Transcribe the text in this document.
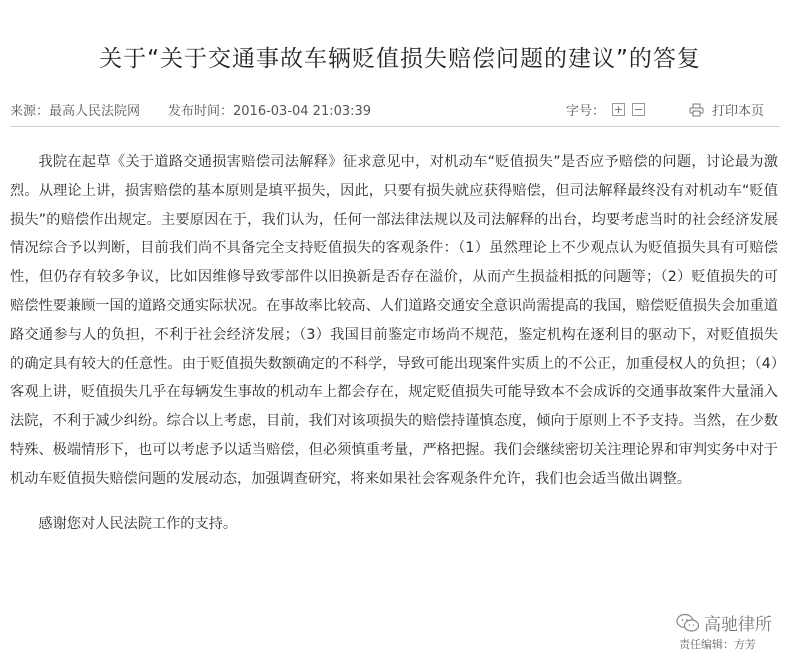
关于“关于交通事故车辆贬值损失赔偿问题的建议”的答复
来源：最高人民法院网 发布时间：2016-03-04 21:03:39	字号： + −	打印本页

我院在起草《关于道路交通损害赔偿司法解释》征求意见中，对机动车“贬值损失”是否应予赔偿的问题，讨论最为激烈。从理论上讲，损害赔偿的基本原则是填平损失，因此，只要有损失就应获得赔偿，但司法解释最终没有对机动车“贬值损失”的赔偿作出规定。主要原因在于，我们认为，任何一部法律法规以及司法解释的出台，均要考虑当时的社会经济发展情况综合予以判断，目前我们尚不具备完全支持贬值损失的客观条件：（1）虽然理论上不少观点认为贬值损失具有可赔偿性，但仍存有较多争议，比如因维修导致零部件以旧换新是否存在溢价，从而产生损益相抵的问题等；（2）贬值损失的可赔偿性要兼顾一国的道路交通实际状况。在事故率比较高、人们道路交通安全意识尚需提高的我国，赔偿贬值损失会加重道路交通参与人的负担，不利于社会经济发展；（3）我国目前鉴定市场尚不规范，鉴定机构在逐利目的驱动下，对贬值损失的确定具有较大的任意性。由于贬值损失数额确定的不科学，导致可能出现案件实质上的不公正，加重侵权人的负担；（4）客观上讲，贬值损失几乎在每辆发生事故的机动车上都会存在，规定贬值损失可能导致本不会成诉的交通事故案件大量涌入法院，不利于减少纠纷。综合以上考虑，目前，我们对该项损失的赔偿持谨慎态度，倾向于原则上不予支持。当然，在少数特殊、极端情形下，也可以考虑予以适当赔偿，但必须慎重考量，严格把握。我们会继续密切关注理论界和审判实务中对于机动车贬值损失赔偿问题的发展动态，加强调查研究，将来如果社会客观条件允许，我们也会适当做出调整。

感谢您对人民法院工作的支持。

高驰律所
责任编辑：方芳
